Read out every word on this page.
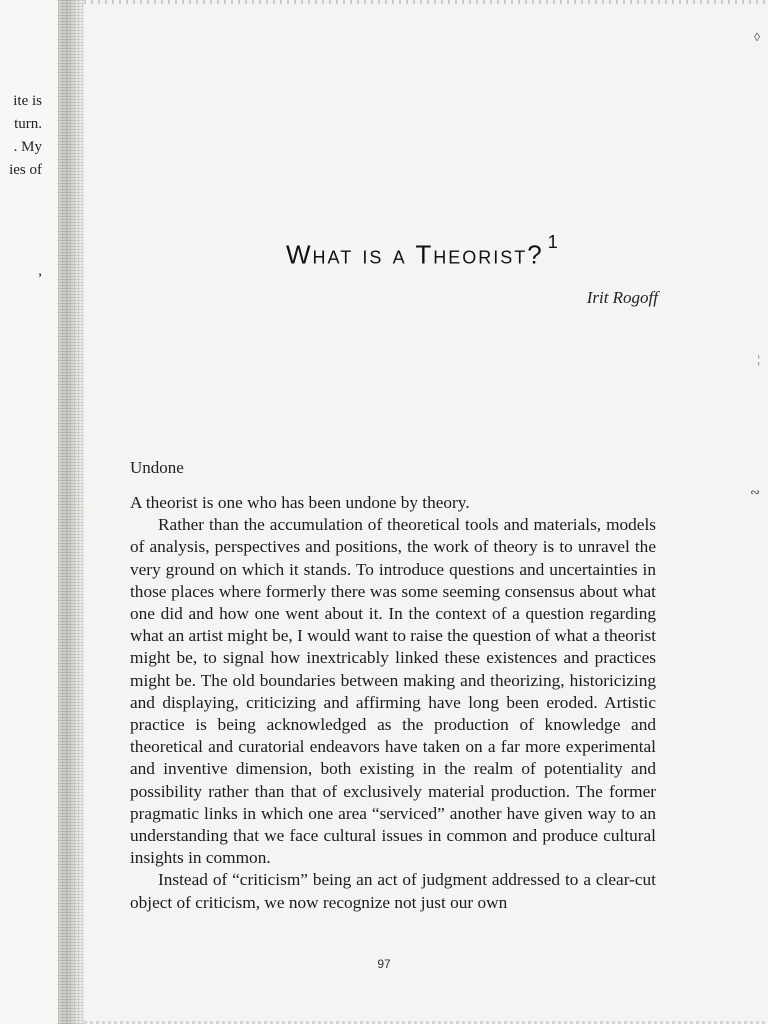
ite is
turn.
. My
ies of
,
◊
¦
∾
What is a Theorist? $^1$
Irit Rogoff
Undone

A theorist is one who has been undone by theory.

Rather than the accumulation of theoretical tools and materials, models of analysis, perspectives and positions, the work of theory is to unravel the very ground on which it stands. To introduce questions and uncertainties in those places where formerly there was some seeming consensus about what one did and how one went about it. In the context of a question regarding what an artist might be, I would want to raise the question of what a theorist might be, to signal how inextricably linked these existences and practices might be. The old boundaries between making and theorizing, historicizing and displaying, criticizing and affirming have long been eroded. Artistic practice is being acknowledged as the production of knowledge and theoretical and curatorial endeavors have taken on a far more experimental and inventive dimension, both existing in the realm of potentiality and possibility rather than that of exclusively material production. The former pragmatic links in which one area “serviced” another have given way to an understanding that we face cultural issues in common and produce cultural insights in common.

Instead of “criticism” being an act of judgment addressed to a clear-cut object of criticism, we now recognize not just our own

97
